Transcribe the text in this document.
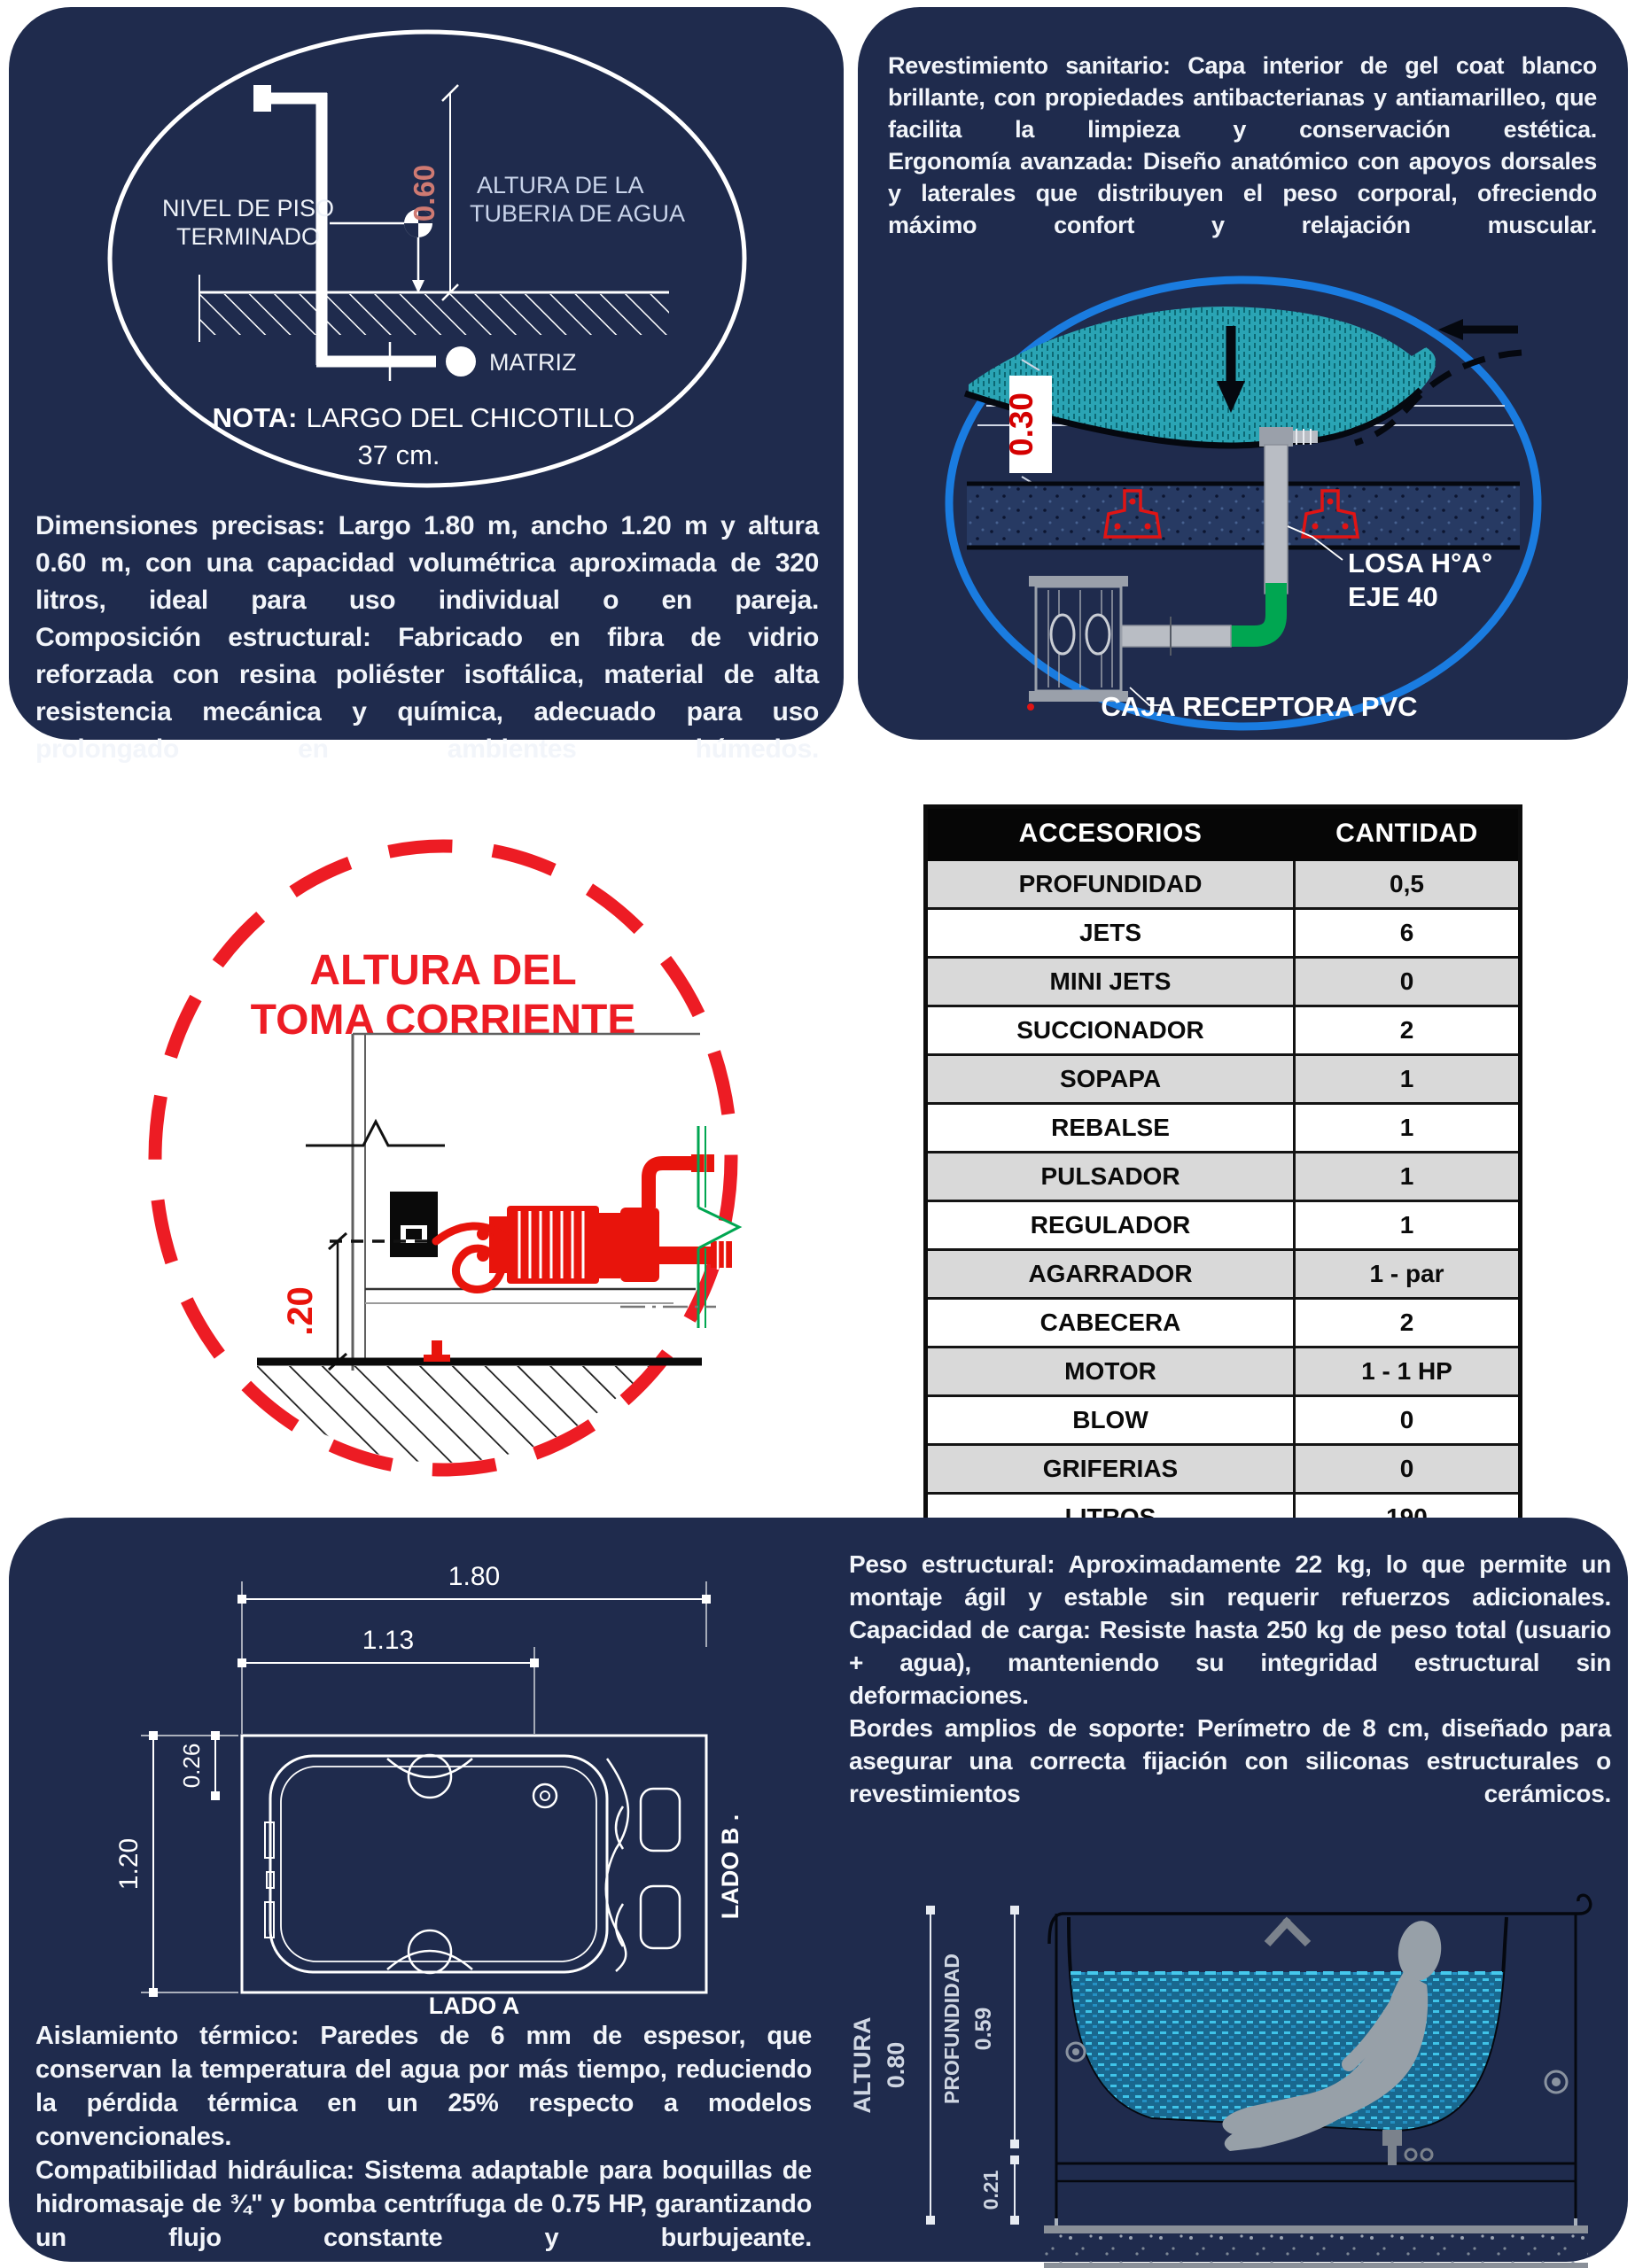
NIVEL DE PISO
TERMINADO
0.60 ALTURA DE LA
TUBERIA DE AGUA
MATRIZ
NOTA: LARGO DEL CHICOTILLO
37 cm.

Dimensiones precisas: Largo 1.80 m, ancho 1.20 m y altura 0.60 m, con una capacidad volumétrica aproximada de 320 litros, ideal para uso individual o en pareja.

Composición estructural: Fabricado en fibra de vidrio reforzada con resina poliéster isoftálica, material de alta resistencia mecánica y química, adecuado para uso prolongado en ambientes húmedos.

Revestimiento sanitario: Capa interior de gel coat blanco brillante, con propiedades antibacterianas y antiamarilleo, que facilita la limpieza y conservación estética.

Ergonomía avanzada: Diseño anatómico con apoyos dorsales y laterales que distribuyen el peso corporal, ofreciendo máximo confort y relajación muscular.

0.30
LOSA H°A°
EJE 40
CAJA RECEPTORA PVC
ALTURA DEL
TOMA CORRIENTE
.20
ACCESORIOS	CANTIDAD
PROFUNDIDAD	0,5
JETS	6
MINI JETS	0
SUCCIONADOR	2
SOPAPA	1
REBALSE	1
PULSADOR	1
REGULADOR	1
AGARRADOR	1 - par
CABECERA	2
MOTOR	1 - 1 HP
BLOW	0
GRIFERIAS	0

1.80
1.13
0.26
1.20	LADO B .
LADO A

Aislamiento térmico: Paredes de 6 mm de espesor, que conservan la temperatura del agua por más tiempo, reduciendo la pérdida térmica en un 25% respecto a modelos convencionales.

Compatibilidad hidráulica: Sistema adaptable para boquillas de hidromasaje de ¾" y bomba centrífuga de 0.75 HP, garantizando un flujo constante y burbujeante.

Peso estructural: Aproximadamente 22 kg, lo que permite un montaje ágil y estable sin requerir refuerzos adicionales.

Capacidad de carga: Resiste hasta 250 kg de peso total (usuario + agua), manteniendo su integridad estructural sin deformaciones.

Bordes amplios de soporte: Perímetro de 8 cm, diseñado para asegurar una correcta fijación con siliconas estructurales o revestimientos cerámicos.

ALTURA 0.80 PROFUNDIDAD 0.59
0.21
